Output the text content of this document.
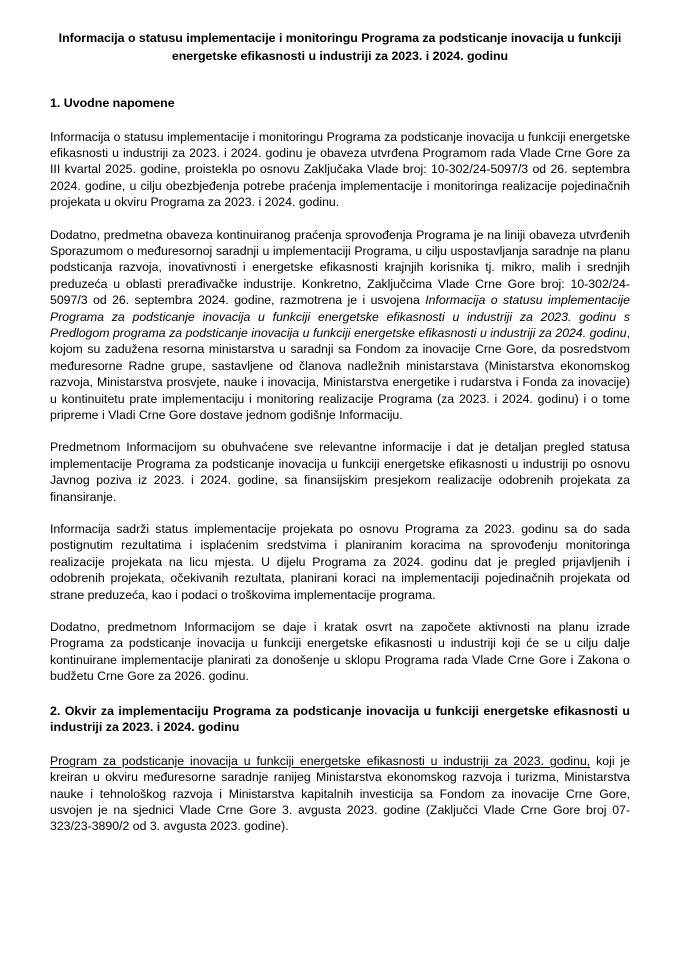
Informacija o statusu implementacije i monitoringu Programa za podsticanje inovacija u funkciji energetske efikasnosti u industriji za 2023. i 2024. godinu
1. Uvodne napomene

Informacija o statusu implementacije i monitoringu Programa za podsticanje inovacija u funkciji energetske efikasnosti u industriji za 2023. i 2024. godinu je obaveza utvrđena Programom rada Vlade Crne Gore za III kvartal 2025. godine, proistekla po osnovu Zaključaka Vlade broj: 10-302/24-5097/3 od 26. septembra 2024. godine, u cilju obezbjeđenja potrebe praćenja implementacije i monitoringa realizacije pojedinačnih projekata u okviru Programa za 2023. i 2024. godinu.

Dodatno, predmetna obaveza kontinuiranog praćenja sprovođenja Programa je na liniji obaveza utvrđenih Sporazumom o međuresornoj saradnji u implementaciji Programa, u cilju uspostavljanja saradnje na planu podsticanja razvoja, inovativnosti i energetske efikasnosti krajnjih korisnika tj. mikro, malih i srednjih preduzeća u oblasti prerađivačke industrije. Konkretno, Zaključcima Vlade Crne Gore broj: 10-302/24-5097/3 od 26. septembra 2024. godine, razmotrena je i usvojena Informacija o statusu implementacije Programa za podsticanje inovacija u funkciji energetske efikasnosti u industriji za 2023. godinu s Predlogom programa za podsticanje inovacija u funkciji energetske efikasnosti u industriji za 2024. godinu, kojom su zadužena resorna ministarstva u saradnji sa Fondom za inovacije Crne Gore, da posredstvom međuresorne Radne grupe, sastavljene od članova nadležnih ministarstava (Ministarstva ekonomskog razvoja, Ministarstva prosvjete, nauke i inovacija, Ministarstva energetike i rudarstva i Fonda za inovacije) u kontinuitetu prate implementaciju i monitoring realizacije Programa (za 2023. i 2024. godinu) i o tome pripreme i Vladi Crne Gore dostave jednom godišnje Informaciju.

Predmetnom Informacijom su obuhvaćene sve relevantne informacije i dat je detaljan pregled statusa implementacije Programa za podsticanje inovacija u funkciji energetske efikasnosti u industriji po osnovu Javnog poziva iz 2023. i 2024. godine, sa finansijskim presjekom realizacije odobrenih projekata za finansiranje.

Informacija sadrži status implementacije projekata po osnovu Programa za 2023. godinu sa do sada postignutim rezultatima i isplaćenim sredstvima i planiranim koracima na sprovođenju monitoringa realizacije projekata na licu mjesta. U dijelu Programa za 2024. godinu dat je pregled prijavljenih i odobrenih projekata, očekivanih rezultata, planirani koraci na implementaciji pojedinačnih projekata od strane preduzeća, kao i podaci o troškovima implementacije programa.

Dodatno, predmetnom Informacijom se daje i kratak osvrt na započete aktivnosti na planu izrade Programa za podsticanje inovacija u funkciji energetske efikasnosti u industriji koji će se u cilju dalje kontinuirane implementacije planirati za donošenje u sklopu Programa rada Vlade Crne Gore i Zakona o budžetu Crne Gore za 2026. godinu.

2. Okvir za implementaciju Programa za podsticanje inovacija u funkciji energetske efikasnosti u industriji za 2023. i 2024. godinu

Program za podsticanje inovacija u funkciji energetske efikasnosti u industriji za 2023. godinu, koji je kreiran u okviru međuresorne saradnje ranijeg Ministarstva ekonomskog razvoja i turizma, Ministarstva nauke i tehnološkog razvoja i Ministarstva kapitalnih investicija sa Fondom za inovacije Crne Gore, usvojen je na sjednici Vlade Crne Gore 3. avgusta 2023. godine (Zaključci Vlade Crne Gore broj 07-323/23-3890/2 od 3. avgusta 2023. godine).
